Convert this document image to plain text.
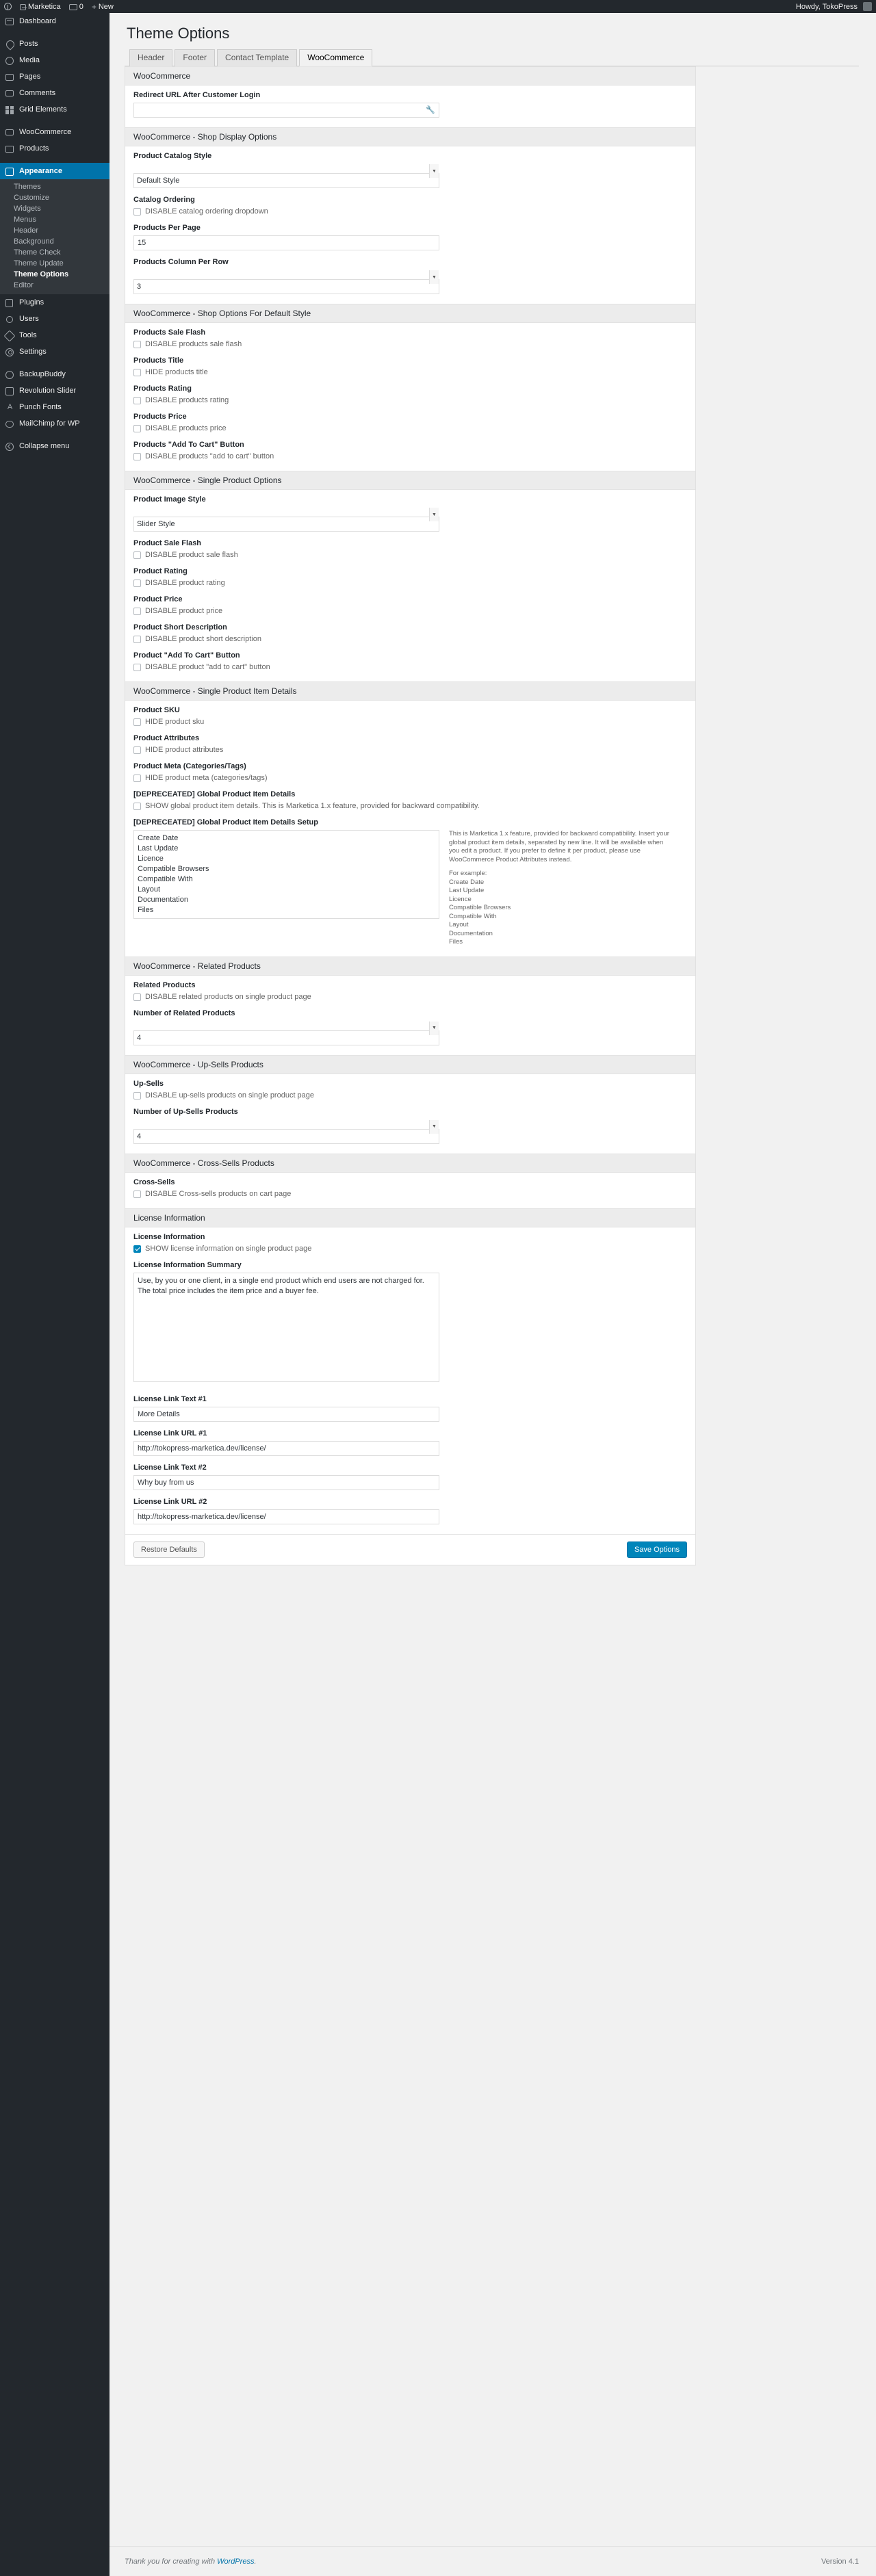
Marketica 0 + New	Howdy, TokoPress
Dashboard
Posts
Media
Pages
Comments
Grid Elements
WooCommerce
Products
Appearance
Themes
Customize
Widgets
Menus
Header
Background
Theme Check
Theme Update
Theme Options
Editor
Plugins
Users
Tools
Settings
BackupBuddy
Revolution Slider
A Punch Fonts
MailChimp for WP
Collapse menu
Theme Options
Header	Footer	Contact Template	WooCommerce
WooCommerce
Redirect URL After Customer Login
🔧
WooCommerce - Shop Display Options
Product Catalog Style
Default Style
▼
Catalog Ordering
DISABLE catalog ordering dropdown
Products Per Page
15
Products Column Per Row
3
▼
WooCommerce - Shop Options For Default Style
Products Sale Flash
DISABLE products sale flash
Products Title
HIDE products title
Products Rating
DISABLE products rating
Products Price
DISABLE products price
Products "Add To Cart" Button
DISABLE products "add to cart" button
WooCommerce - Single Product Options
Product Image Style
Slider Style
▼
Product Sale Flash
DISABLE product sale flash
Product Rating
DISABLE product rating
Product Price
DISABLE product price
Product Short Description
DISABLE product short description
Product "Add To Cart" Button
DISABLE product "add to cart" button
WooCommerce - Single Product Item Details
Product SKU
HIDE product sku
Product Attributes
HIDE product attributes
Product Meta (Categories/Tags)
HIDE product meta (categories/tags)
[DEPRECEATED] Global Product Item Details
SHOW global product item details. This is Marketica 1.x feature, provided for backward compatibility.
[DEPRECEATED] Global Product Item Details Setup
Create Date Last Update Licence Compatible Browsers Compatible With Layout Documentation Files

This is Marketica 1.x feature, provided for backward compatibility. Insert your global product item details, separated by new line. It will be available when you edit a product. If you prefer to define it per product, please use WooCommerce Product Attributes instead.

For example:
Create Date
Last Update
Licence
Compatible Browsers
Compatible With
Layout
Documentation
Files
WooCommerce - Related Products
Related Products
DISABLE related products on single product page
Number of Related Products
4
▼
WooCommerce - Up-Sells Products
Up-Sells
DISABLE up-sells products on single product page
Number of Up-Sells Products
4
▼
WooCommerce - Cross-Sells Products
Cross-Sells
DISABLE Cross-sells products on cart page
License Information
License Information
SHOW license information on single product page
License Information Summary
Use, by you or one client, in a single end product which end users are not charged for. The total price includes the item price and a buyer fee.
License Link Text #1
More Details
License Link URL #1
http://tokopress-marketica.dev/license/
License Link Text #2
Why buy from us
License Link URL #2
http://tokopress-marketica.dev/license/
Restore Defaults	Save Options
Thank you for creating with WordPress.	Version 4.1
